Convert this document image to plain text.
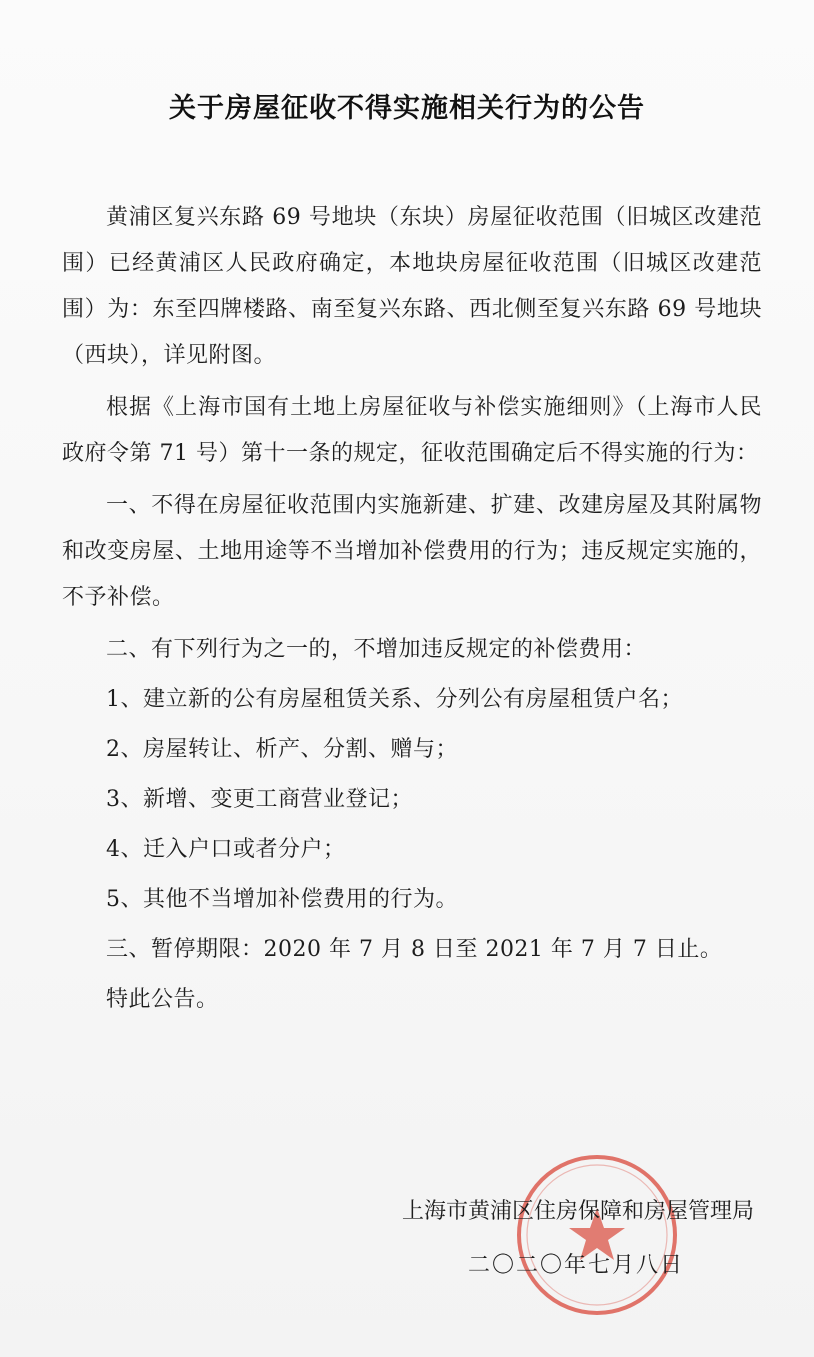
关于房屋征收不得实施相关行为的公告

黄浦区复兴东路 69 号地块（东块）房屋征收范围（旧城区改建范围）已经黄浦区人民政府确定，本地块房屋征收范围（旧城区改建范围）为：东至四牌楼路、南至复兴东路、西北侧至复兴东路 69 号地块（西块），详见附图。

根据《上海市国有土地上房屋征收与补偿实施细则》（上海市人民政府令第 71 号）第十一条的规定，征收范围确定后不得实施的行为：

一、不得在房屋征收范围内实施新建、扩建、改建房屋及其附属物和改变房屋、土地用途等不当增加补偿费用的行为；违反规定实施的，不予补偿。

二、有下列行为之一的，不增加违反规定的补偿费用：

1、建立新的公有房屋租赁关系、分列公有房屋租赁户名；

2、房屋转让、析产、分割、赠与；

3、新增、变更工商营业登记；

4、迁入户口或者分户；

5、其他不当增加补偿费用的行为。

三、暂停期限：2020 年 7 月 8 日至 2021 年 7 月 7 日止。

特此公告。

上海市黄浦区住房保障和房屋管理局
二〇二〇年七月八日
